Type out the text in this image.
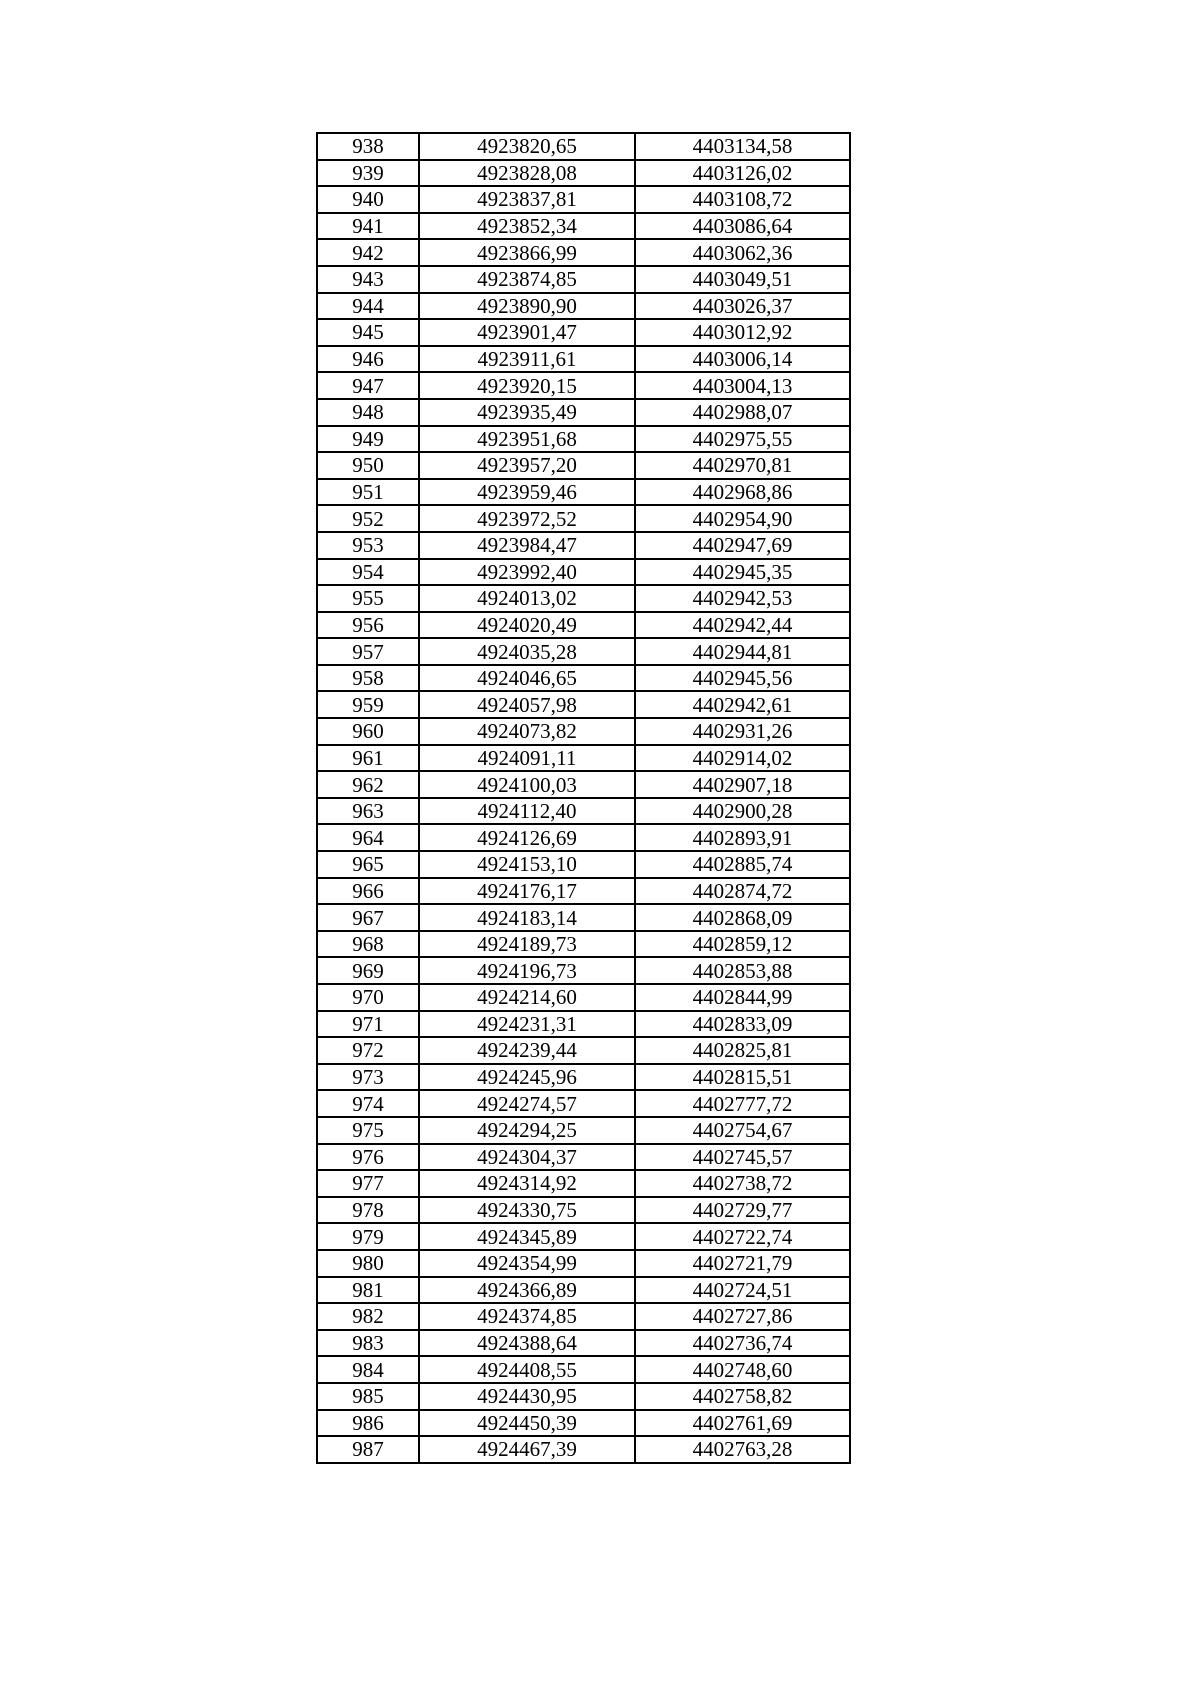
938	4923820,65	4403134,58
939	4923828,08	4403126,02
940	4923837,81	4403108,72
941	4923852,34	4403086,64
942	4923866,99	4403062,36
943	4923874,85	4403049,51
944	4923890,90	4403026,37
945	4923901,47	4403012,92
946	4923911,61	4403006,14
947	4923920,15	4403004,13
948	4923935,49	4402988,07
949	4923951,68	4402975,55
950	4923957,20	4402970,81
951	4923959,46	4402968,86
952	4923972,52	4402954,90
953	4923984,47	4402947,69
954	4923992,40	4402945,35
955	4924013,02	4402942,53
956	4924020,49	4402942,44
957	4924035,28	4402944,81
958	4924046,65	4402945,56
959	4924057,98	4402942,61
960	4924073,82	4402931,26
961	4924091,11	4402914,02
962	4924100,03	4402907,18
963	4924112,40	4402900,28
964	4924126,69	4402893,91
965	4924153,10	4402885,74
966	4924176,17	4402874,72
967	4924183,14	4402868,09
968	4924189,73	4402859,12
969	4924196,73	4402853,88
970	4924214,60	4402844,99
971	4924231,31	4402833,09
972	4924239,44	4402825,81
973	4924245,96	4402815,51
974	4924274,57	4402777,72
975	4924294,25	4402754,67
976	4924304,37	4402745,57
977	4924314,92	4402738,72
978	4924330,75	4402729,77
979	4924345,89	4402722,74
980	4924354,99	4402721,79
981	4924366,89	4402724,51
982	4924374,85	4402727,86
983	4924388,64	4402736,74
984	4924408,55	4402748,60
985	4924430,95	4402758,82
986	4924450,39	4402761,69
987	4924467,39	4402763,28
